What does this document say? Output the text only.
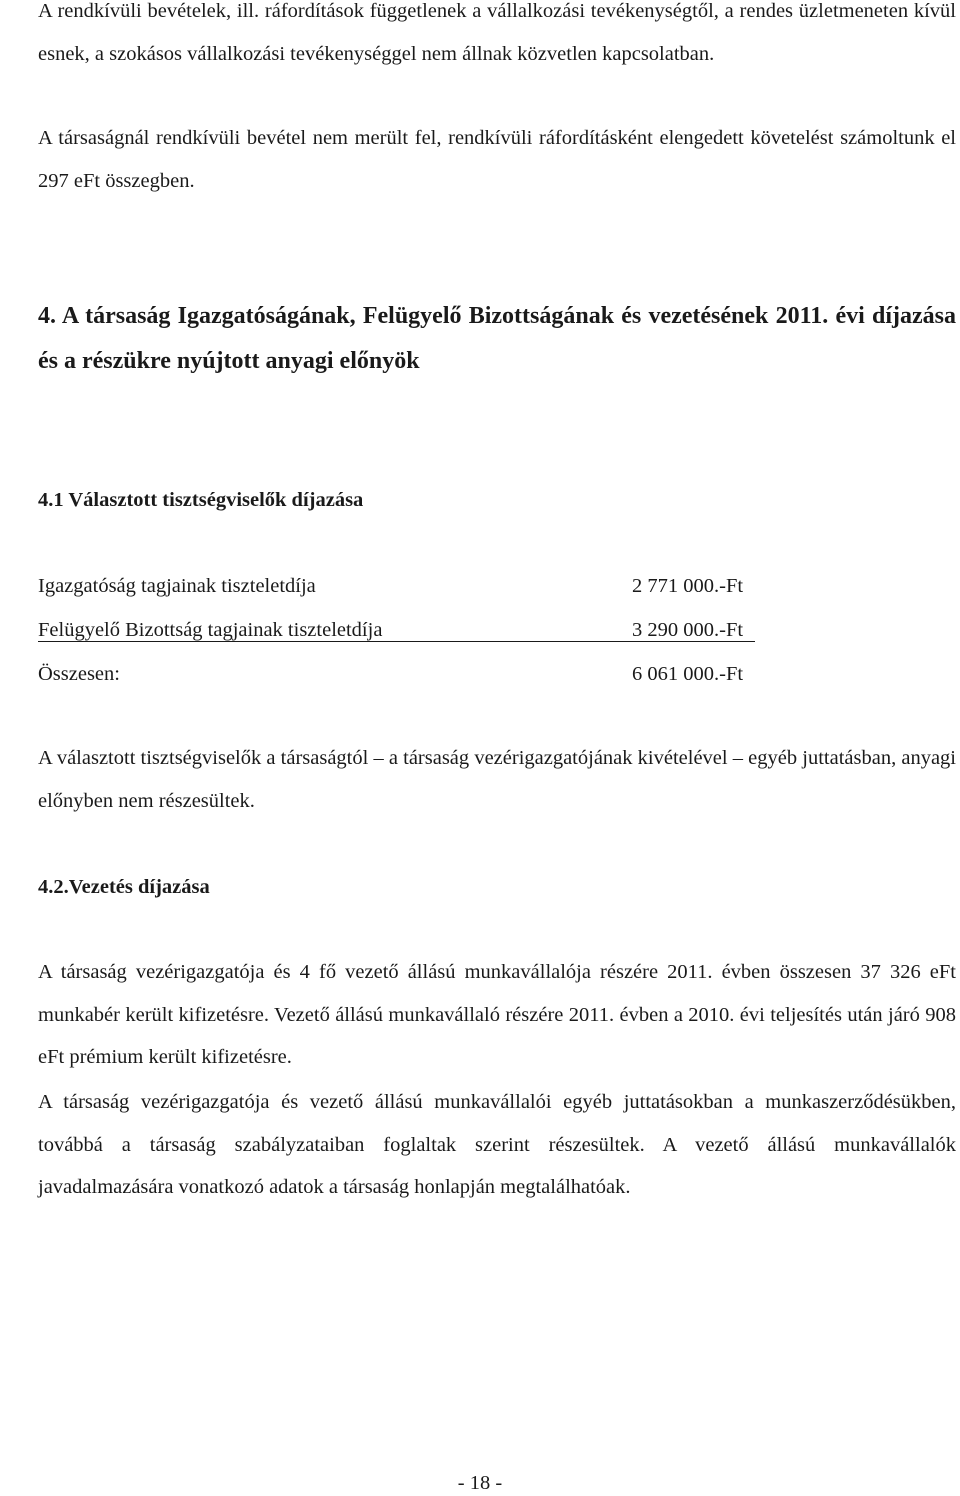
A rendkívüli bevételek, ill. ráfordítások függetlenek a vállalkozási tevékenységtől, a rendes üzletmeneten kívül esnek, a szokásos vállalkozási tevékenységgel nem állnak közvetlen kapcsolatban.

A társaságnál rendkívüli bevétel nem merült fel, rendkívüli ráfordításként elengedett követelést számoltunk el 297 eFt összegben.

4. A társaság Igazgatóságának, Felügyelő Bizottságának és vezetésének 2011. évi díjazása és a részükre nyújtott anyagi előnyök
4.1 Választott tisztségviselők díjazása
Igazgatóság tagjainak tiszteletdíja	2 771 000.-Ft
Felügyelő Bizottság tagjainak tiszteletdíja	3 290 000.-Ft
Összesen:	6 061 000.-Ft

A választott tisztségviselők a társaságtól – a társaság vezérigazgatójának kivételével – egyéb juttatásban, anyagi előnyben nem részesültek.

4.2.Vezetés díjazása

A társaság vezérigazgatója és 4 fő vezető állású munkavállalója részére 2011. évben összesen 37 326 eFt munkabér került kifizetésre. Vezető állású munkavállaló részére 2011. évben a 2010. évi teljesítés után járó 908 eFt prémium került kifizetésre.

A társaság vezérigazgatója és vezető állású munkavállalói egyéb juttatásokban a munkaszerződésükben, továbbá a társaság szabályzataiban foglaltak szerint részesültek. A vezető állású munkavállalók javadalmazására vonatkozó adatok a társaság honlapján megtalálhatóak.

- 18 -
